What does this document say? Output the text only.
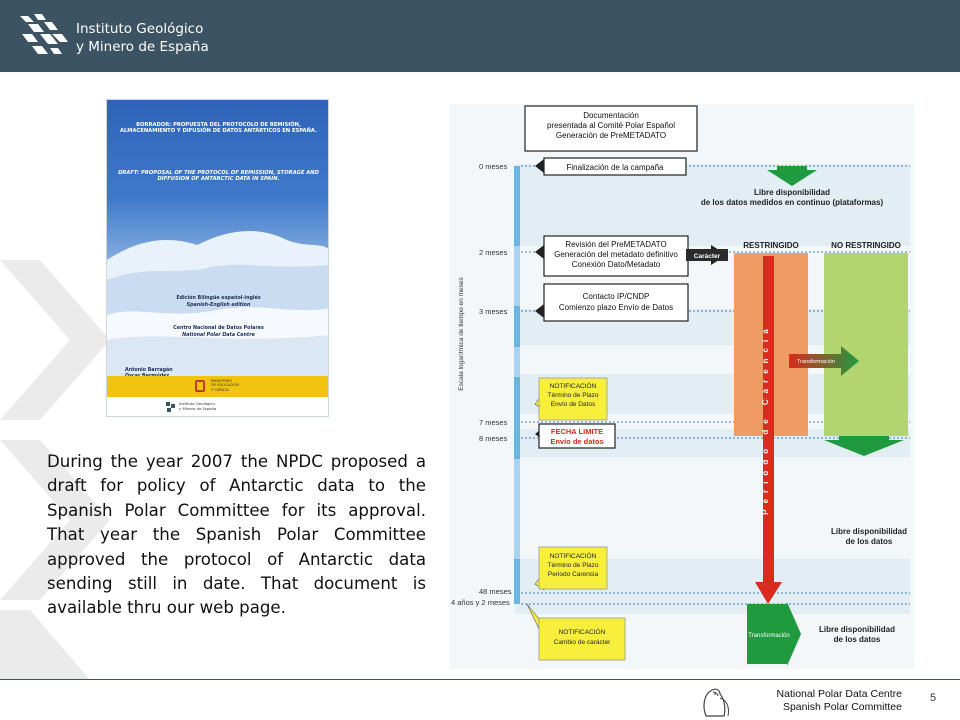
Instituto Geológico
y Minero de España
BORRADOR: PROPUESTA DEL PROTOCOLO DE REMISIÓN, ALMACENAMIENTO Y DIFUSIÓN DE DATOS ANTÁRTICOS EN ESPAÑA.
DRAFT: PROPOSAL OF THE PROTOCOL OF REMISSION, STORAGE AND DIFFUSION OF ANTARCTIC DATA IN SPAIN.
Edición Bilingüe español-inglés
Spanish-English edition
Centro Nacional de Datos Polares
National Polar Data Centre
Antonio Barragán
MINISTERIO
DE EDUCACIÓN
Y CIENCIA
Instituto Geológico
y Minero de España
During the year 2007 the NPDC proposed a draft for policy of Antarctic data to the Spanish Polar Committee for its approval. That year the Spanish Polar Committee approved the protocol of Antarctic data sending still in date. That document is available thru our web page.
Escala logarítmica de tiempo en meses
0 meses
2 meses
3 meses
7 meses
8 meses
48 meses
4 años y 2 meses
Documentación
presentada al Comité Polar Español
Generación de PreMETADATO
Finalización de la campaña
Libre disponibilidad
de los datos medidos en continuo (plataformas)
Revisión del PreMETADATO
Generación del metadato definitivo
Conexión Dato/Metadato
Carácter
RESTRINGIDO	NO RESTRINGIDO
Transformación
Contacto IP/CNDP
Comienzo plazo Envío de Datos
NOTIFICACIÓN
Término de Plazo
Envío de Datos
FECHA LIMITE
Envío de datos	Periodo de Carencia
Libre disponibilidad
de los datos
NOTIFICACIÓN
Término de Plazo
Periodo Carencia
NOTIFICACIÓN
Cambio de carácter
Transformación
Libre disponibilidad
de los datos
National Polar Data Centre
Spanish Polar Committee
5
